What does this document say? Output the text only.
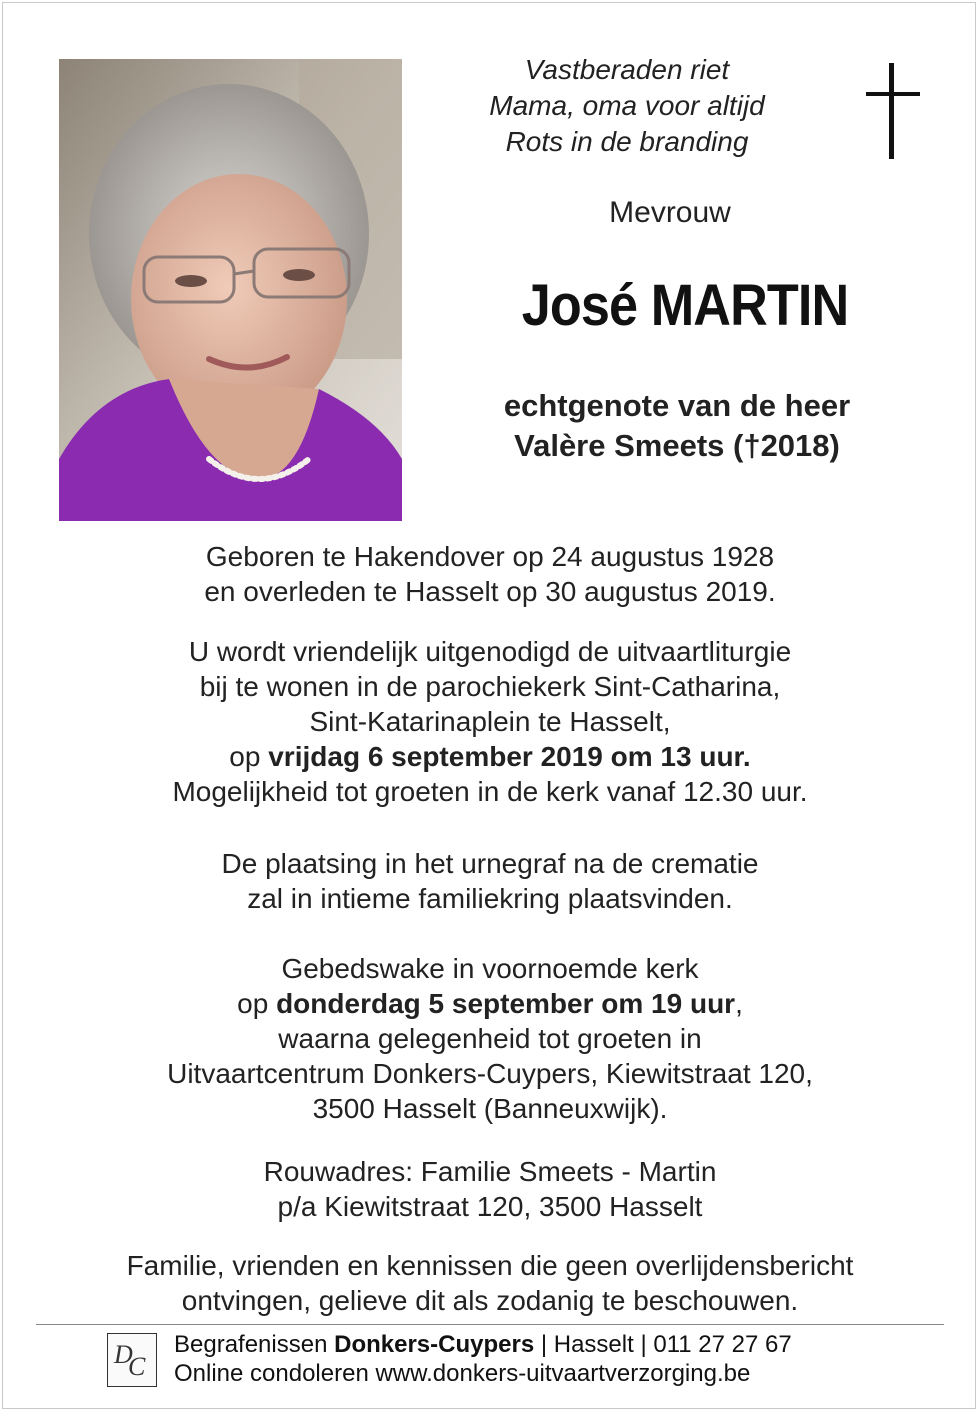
Vastberaden riet
Mama, oma voor altijd
Rots in de branding
Mevrouw
José MARTIN
echtgenote van de heer
Valère Smeets (†2018)
Geboren te Hakendover op 24 augustus 1928
en overleden te Hasselt op 30 augustus 2019.
U wordt vriendelijk uitgenodigd de uitvaartliturgie
bij te wonen in de parochiekerk Sint-Catharina,
Sint-Katarinaplein te Hasselt,
op vrijdag 6 september 2019 om 13 uur.
Mogelijkheid tot groeten in de kerk vanaf 12.30 uur.
De plaatsing in het urnegraf na de crematie
zal in intieme familiekring plaatsvinden.
Gebedswake in voornoemde kerk
op donderdag 5 september om 19 uur,
waarna gelegenheid tot groeten in
Uitvaartcentrum Donkers-Cuypers, Kiewitstraat 120,
3500 Hasselt (Banneuxwijk).
Rouwadres: Familie Smeets - Martin
p/a Kiewitstraat 120, 3500 Hasselt
Familie, vrienden en kennissen die geen overlijdensbericht
ontvingen, gelieve dit als zodanig te beschouwen.
D
C
Begrafenissen Donkers-Cuypers | Hasselt | 011 27 27 67
Online condoleren www.donkers-uitvaartverzorging.be
